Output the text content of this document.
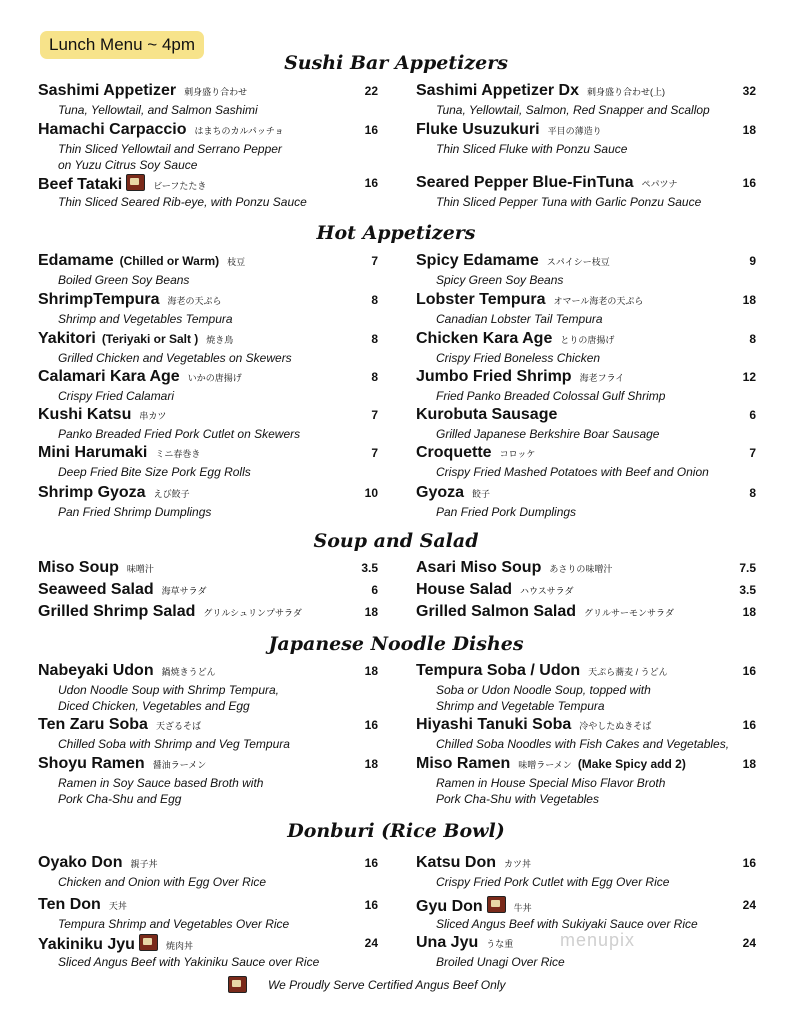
Lunch Menu ~ 4pm
Sushi Bar Appetizers
Sashimi Appetizer 刺身盛り合わせ	22
Tuna, Yellowtail, and Salmon Sashimi
Sashimi Appetizer Dx 刺身盛り合わせ(上)	32
Tuna, Yellowtail, Salmon, Red Snapper and Scallop
Hamachi Carpaccio はまちのカルパッチョ	16
Thin Sliced Yellowtail and Serrano Pepper
on Yuzu Citrus Soy Sauce
Fluke Usuzukuri 平目の薄造り	18
Thin Sliced Fluke with Ponzu Sauce
Beef Tataki	ビーフたたき	16
Thin Sliced Seared Rib-eye, with Ponzu Sauce
Seared Pepper Blue-FinTuna ペパツナ	16
Thin Sliced Pepper Tuna with Garlic Ponzu Sauce
Hot Appetizers
Edamame (Chilled or Warm) 枝豆	7
Boiled Green Soy Beans
Spicy Edamame スパイシー枝豆	9
Spicy Green Soy Beans
ShrimpTempura 海老の天ぷら	8
Shrimp and Vegetables Tempura
Lobster Tempura オマール海老の天ぷら	18
Canadian Lobster Tail Tempura
Yakitori (Teriyaki or Salt ) 焼き鳥	8
Grilled Chicken and Vegetables on Skewers
Chicken Kara Age とりの唐揚げ	8
Crispy Fried Boneless Chicken
Calamari Kara Age いかの唐揚げ	8
Crispy Fried Calamari
Jumbo Fried Shrimp 海老フライ	12
Fried Panko Breaded Colossal Gulf Shrimp
Kushi Katsu 串カツ	7
Panko Breaded Fried Pork Cutlet on Skewers
Kurobuta Sausage	6
Grilled Japanese Berkshire Boar Sausage
Mini Harumaki ミニ春巻き	7
Deep Fried Bite Size Pork Egg Rolls
Croquette コロッケ	7
Crispy Fried Mashed Potatoes with Beef and Onion
Shrimp Gyoza えび餃子	10
Pan Fried Shrimp Dumplings
Gyoza 餃子	8
Pan Fried Pork Dumplings
Soup and Salad
Miso Soup 味噌汁	3.5 Asari Miso Soup あさりの味噌汁	7.5
Seaweed Salad 海草サラダ	6 House Salad ハウスサラダ	3.5
Grilled Shrimp Salad グリルシュリンプサラダ	18 Grilled Salmon Salad グリルサーモンサラダ	18
Japanese Noodle Dishes
Nabeyaki Udon 鍋焼きうどん	18
Udon Noodle Soup with Shrimp Tempura,
Diced Chicken, Vegetables and Egg
Tempura Soba / Udon 天ぷら蕎麦 / うどん	16
Soba or Udon Noodle Soup, topped with
Shrimp and Vegetable Tempura
Ten Zaru Soba 天ざるそば	16
Chilled Soba with Shrimp and Veg Tempura
Hiyashi Tanuki Soba 冷やしたぬきそば	16
Chilled Soba Noodles with Fish Cakes and Vegetables,
Shoyu Ramen 醤油ラーメン	18
Ramen in Soy Sauce based Broth with
Pork Cha-Shu and Egg
Miso Ramen 味噌ラーメン (Make Spicy add 2)	18
Ramen in House Special Miso Flavor Broth
Pork Cha-Shu with Vegetables
Donburi (Rice Bowl)
Oyako Don 親子丼	16
Chicken and Onion with Egg Over Rice
Katsu Don カツ丼	16
Crispy Fried Pork Cutlet with Egg Over Rice
Ten Don 天丼	16
Tempura Shrimp and Vegetables Over Rice
Gyu Don	牛丼	24
Sliced Angus Beef with Sukiyaki Sauce over Rice
Yakiniku Jyu	焼肉丼	24
Sliced Angus Beef with Yakiniku Sauce over Rice
Una Jyu うな重	24
Broiled Unagi Over Rice
We Proudly Serve Certified Angus Beef Only
menupix
